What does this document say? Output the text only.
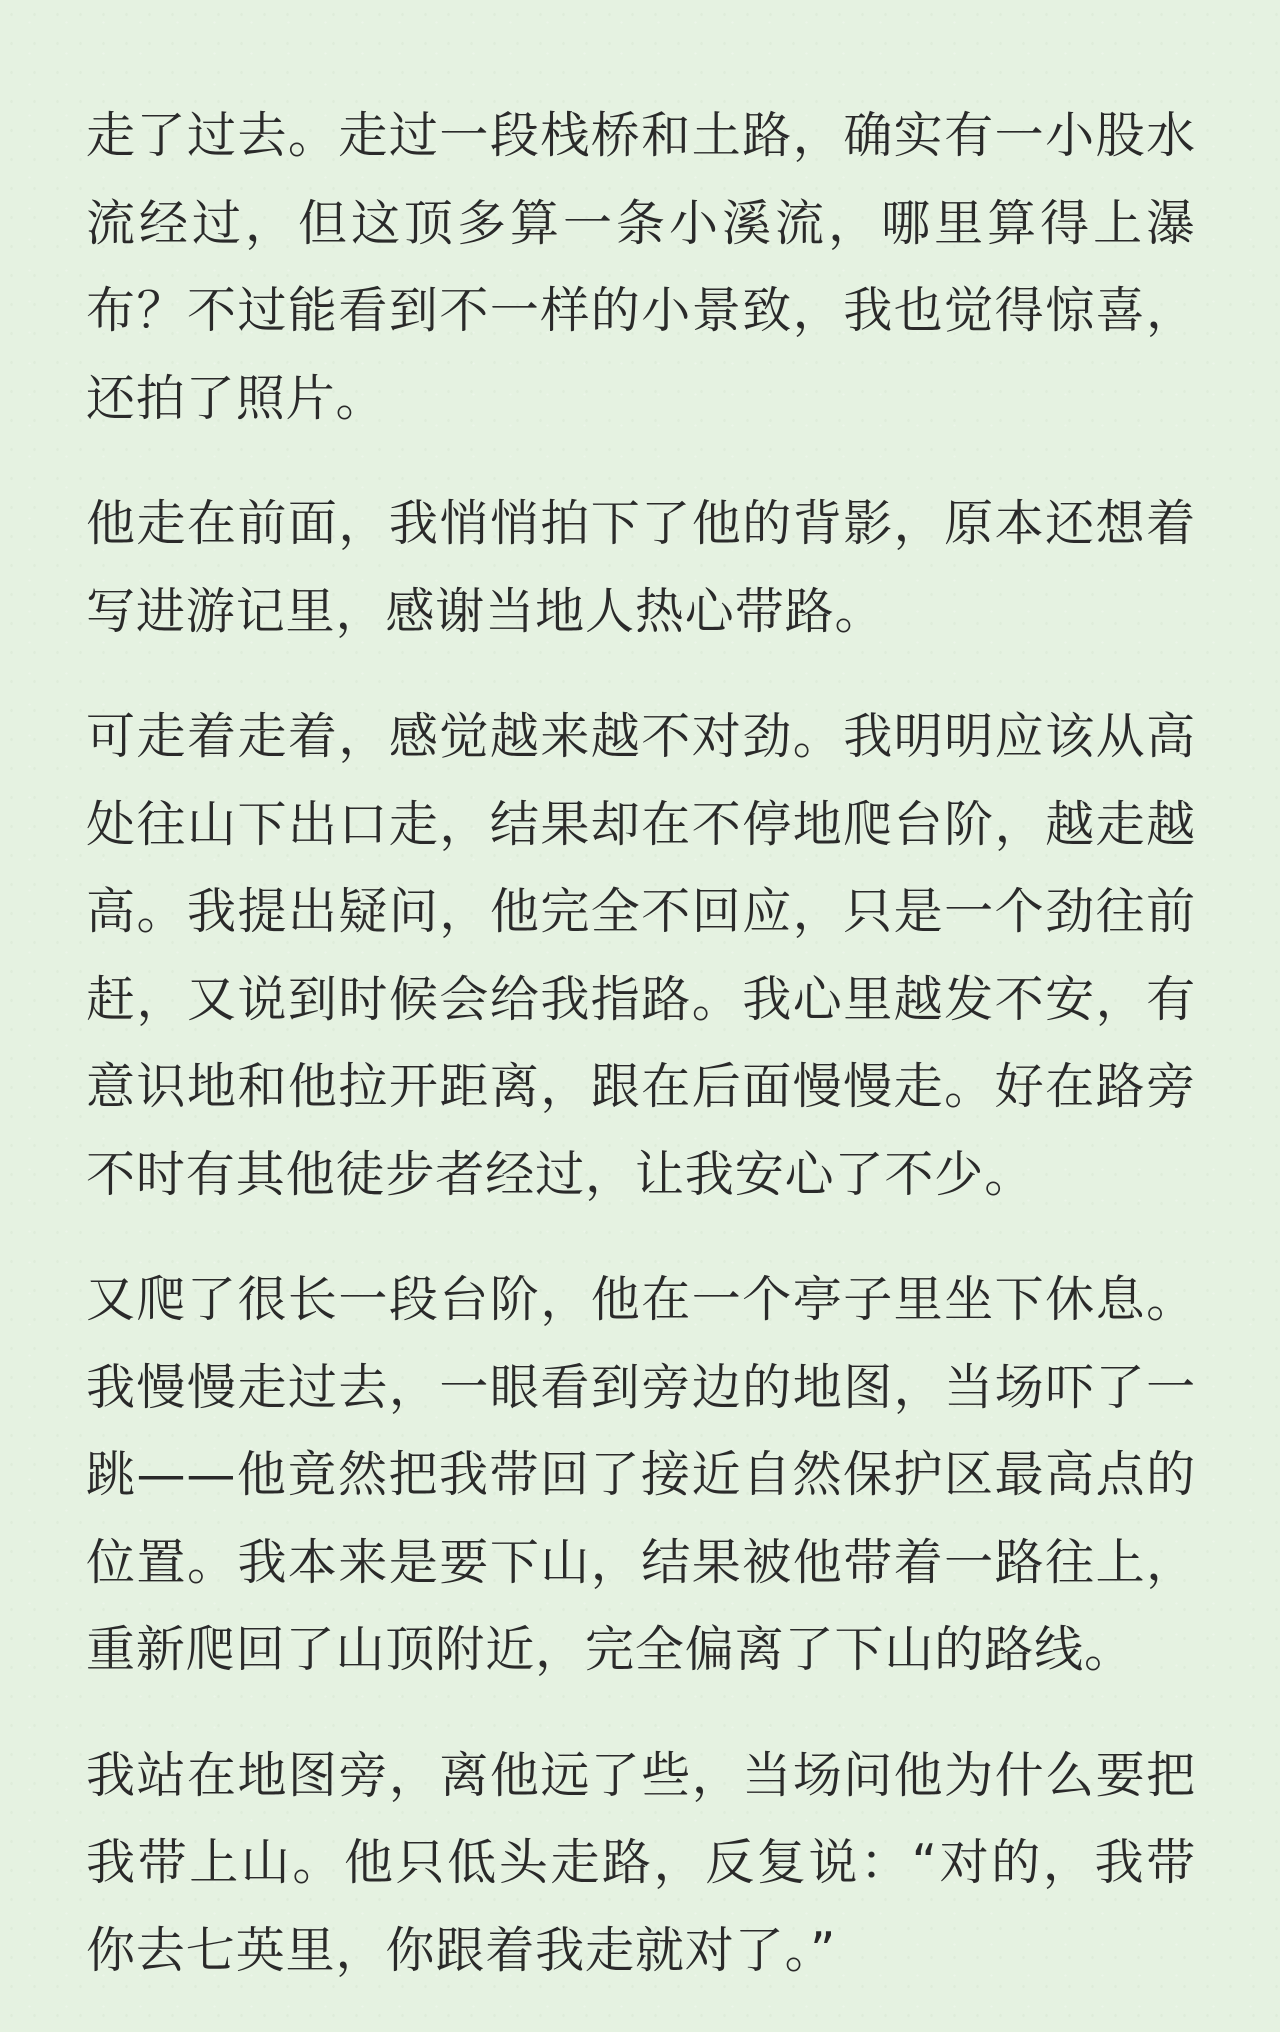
走了过去。走过一段栈桥和土路，确实有一小股水流经过，但这顶多算一条小溪流，哪里算得上瀑布？不过能看到不一样的小景致，我也觉得惊喜，还拍了照片。

他走在前面，我悄悄拍下了他的背影，原本还想着写进游记里，感谢当地人热心带路。

可走着走着，感觉越来越不对劲。我明明应该从高处往山下出口走，结果却在不停地爬台阶，越走越高。我提出疑问，他完全不回应，只是一个劲往前赶，又说到时候会给我指路。我心里越发不安，有意识地和他拉开距离，跟在后面慢慢走。好在路旁不时有其他徒步者经过，让我安心了不少。

又爬了很长一段台阶，他在一个亭子里坐下休息。我慢慢走过去，一眼看到旁边的地图，当场吓了一跳——他竟然把我带回了接近自然保护区最高点的位置。我本来是要下山，结果被他带着一路往上，重新爬回了山顶附近，完全偏离了下山的路线。

我站在地图旁，离他远了些，当场问他为什么要把我带上山。他只低头走路，反复说：“对的，我带你去七英里，你跟着我走就对了。”
